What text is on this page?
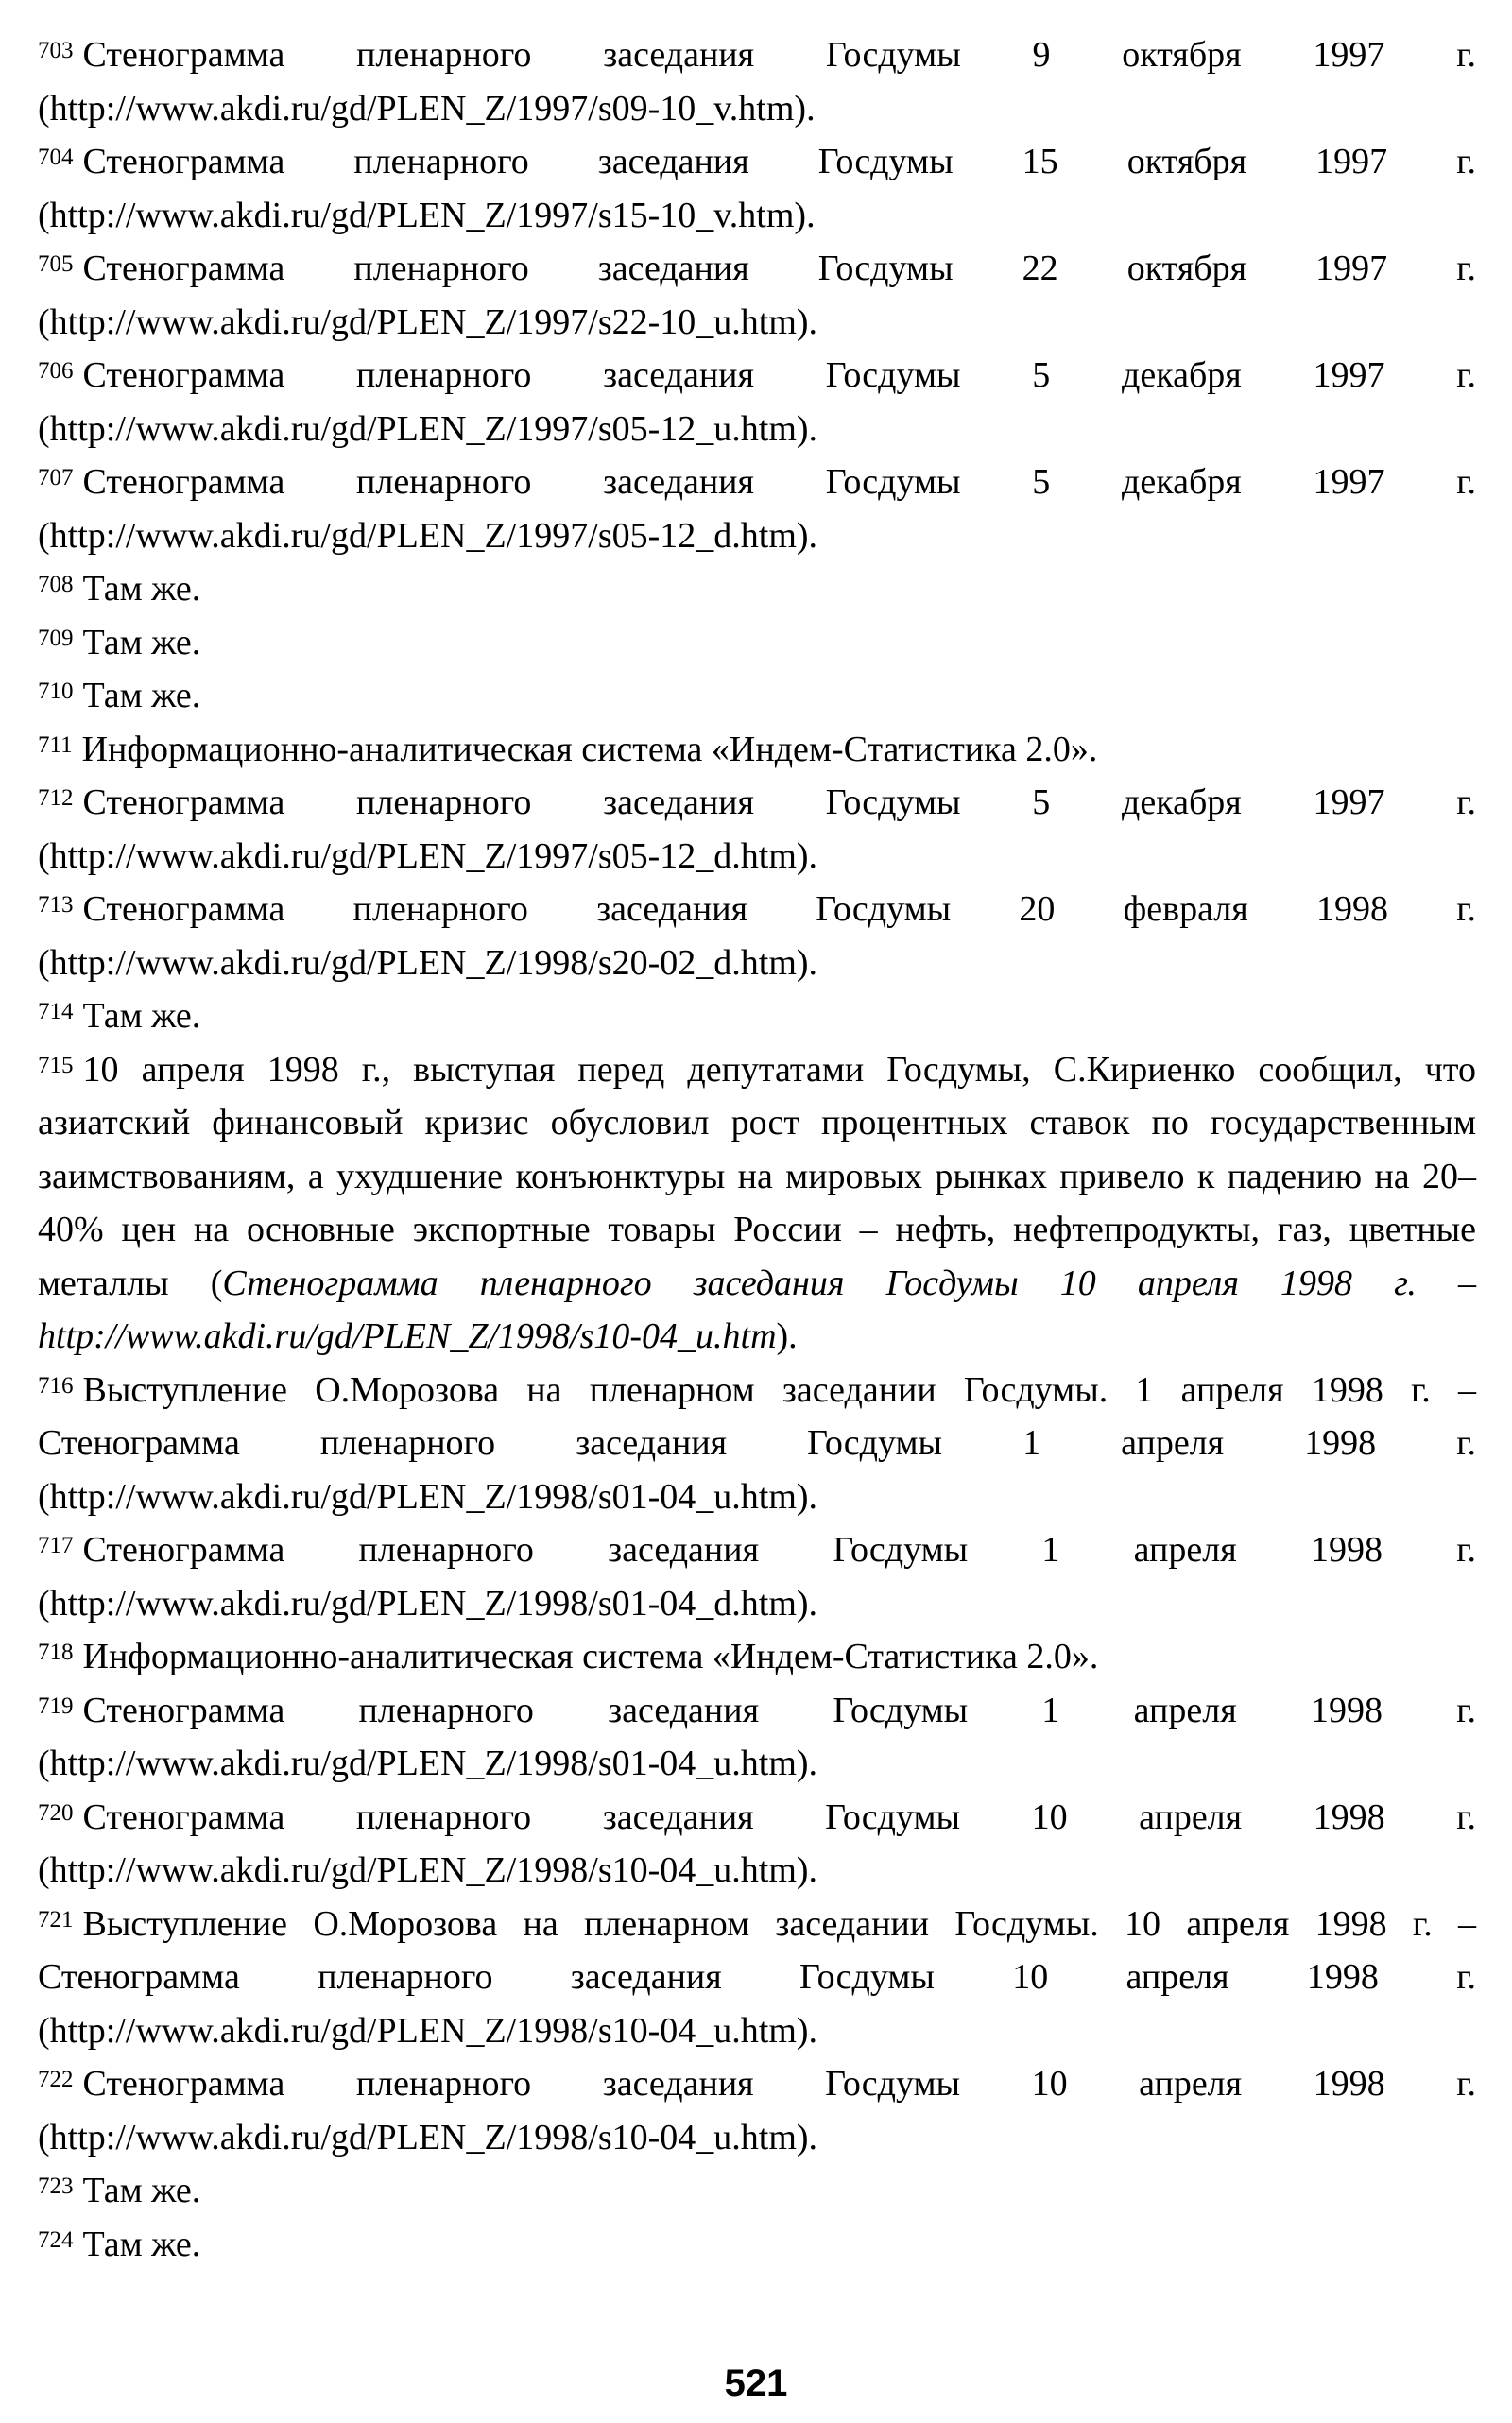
$^{703}$ Стенограмма пленарного заседания Госдумы 9 октября 1997 г. (http://www.akdi.ru/gd/PLEN_Z/1997/s09-10_v.htm).

$^{704}$ Стенограмма пленарного заседания Госдумы 15 октября 1997 г. (http://www.akdi.ru/gd/PLEN_Z/1997/s15-10_v.htm).

$^{705}$ Стенограмма пленарного заседания Госдумы 22 октября 1997 г. (http://www.akdi.ru/gd/PLEN_Z/1997/s22-10_u.htm).

$^{706}$ Стенограмма пленарного заседания Госдумы 5 декабря 1997 г. (http://www.akdi.ru/gd/PLEN_Z/1997/s05-12_u.htm).

$^{707}$ Стенограмма пленарного заседания Госдумы 5 декабря 1997 г. (http://www.akdi.ru/gd/PLEN_Z/1997/s05-12_d.htm).

$^{708}$ Там же.

$^{709}$ Там же.

$^{710}$ Там же.

$^{711}$ Информационно-аналитическая система «Индем-Статистика 2.0».

$^{712}$ Стенограмма пленарного заседания Госдумы 5 декабря 1997 г. (http://www.akdi.ru/gd/PLEN_Z/1997/s05-12_d.htm).

$^{713}$ Стенограмма пленарного заседания Госдумы 20 февраля 1998 г. (http://www.akdi.ru/gd/PLEN_Z/1998/s20-02_d.htm).

$^{714}$ Там же.

$^{715}$ 10 апреля 1998 г., выступая перед депутатами Госдумы, С.Кириенко сообщил, что азиатский финансовый кризис обусловил рост процентных ставок по государственным заимствованиям, а ухудшение конъюнктуры на мировых рынках привело к падению на 20–40% цен на основные экспортные товары России – нефть, нефтепродукты, газ, цветные металлы (Стенограмма пленарного заседания Госдумы 10 апреля 1998 г. – http://www.akdi.ru/gd/PLEN_Z/1998/s10-04_u.htm).

$^{716}$ Выступление О.Морозова на пленарном заседании Госдумы. 1 апреля 1998 г. – Стенограмма пленарного заседания Госдумы 1 апреля 1998 г. (http://www.akdi.ru/gd/PLEN_Z/1998/s01-04_u.htm).

$^{717}$ Стенограмма пленарного заседания Госдумы 1 апреля 1998 г. (http://www.akdi.ru/gd/PLEN_Z/1998/s01-04_d.htm).

$^{718}$ Информационно-аналитическая система «Индем-Статистика 2.0».

$^{719}$ Стенограмма пленарного заседания Госдумы 1 апреля 1998 г. (http://www.akdi.ru/gd/PLEN_Z/1998/s01-04_u.htm).

$^{720}$ Стенограмма пленарного заседания Госдумы 10 апреля 1998 г. (http://www.akdi.ru/gd/PLEN_Z/1998/s10-04_u.htm).

$^{721}$ Выступление О.Морозова на пленарном заседании Госдумы. 10 апреля 1998 г. – Стенограмма пленарного заседания Госдумы 10 апреля 1998 г. (http://www.akdi.ru/gd/PLEN_Z/1998/s10-04_u.htm).

$^{722}$ Стенограмма пленарного заседания Госдумы 10 апреля 1998 г. (http://www.akdi.ru/gd/PLEN_Z/1998/s10-04_u.htm).

$^{723}$ Там же.

$^{724}$ Там же.

521
